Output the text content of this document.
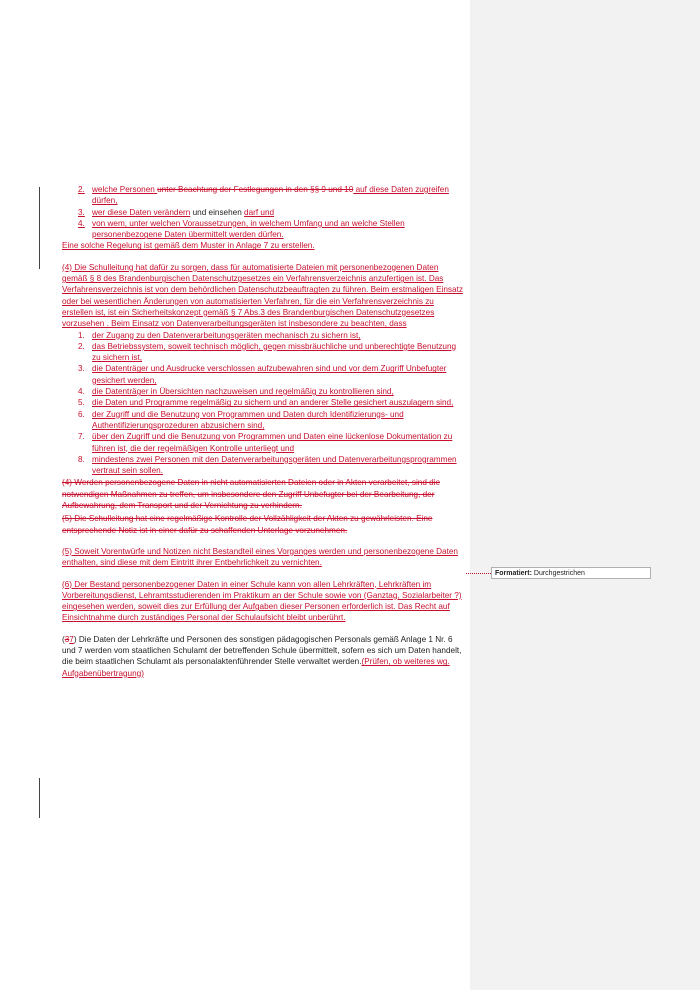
2. welche Personen unter Beachtung der Festlegungen in den §§ 9 und 10 auf diese Daten zugreifen dürfen,
3. wer diese Daten verändern und einsehen darf und
4. von wem, unter welchen Voraussetzungen, in welchem Umfang und an welche Stellen personenbezogene Daten übermittelt werden dürfen.

Eine solche Regelung ist gemäß dem Muster in Anlage 7 zu erstellen.

(4) Die Schulleitung hat dafür zu sorgen, dass für automatisierte Dateien mit personenbezogenen Daten gemäß § 8 des Brandenburgischen Datenschutzgesetzes ein Verfahrensverzeichnis anzufertigen ist. Das Verfahrensverzeichnis ist von dem behördlichen Datenschutzbeauftragten zu führen. Beim erstmaligen Einsatz oder bei wesentlichen Änderungen von automatisierten Verfahren, für die ein Verfahrensverzeichnis zu erstellen ist, ist ein Sicherheitskonzept gemäß § 7 Abs.3 des Brandenburgischen Datenschutzgesetzes vorzusehen . Beim Einsatz von Datenverarbeitungsgeräten ist insbesondere zu beachten, dass

1. der Zugang zu den Datenverarbeitungsgeräten mechanisch zu sichern ist,
2. das Betriebssystem, soweit technisch möglich, gegen missbräuchliche und unberechtigte Benutzung zu sichern ist,
3. die Datenträger und Ausdrucke verschlossen aufzubewahren sind und vor dem Zugriff Unbefugter gesichert werden,
4. die Datenträger in Übersichten nachzuweisen und regelmäßig zu kontrollieren sind,
5. die Daten und Programme regelmäßig zu sichern und an anderer Stelle gesichert auszulagern sind,
6. der Zugriff und die Benutzung von Programmen und Daten durch Identifizierungs- und Authentifizierungsprozeduren abzusichern sind,
7. über den Zugriff und die Benutzung von Programmen und Daten eine lückenlose Dokumentation zu führen ist, die der regelmäßigen Kontrolle unterliegt und
8. mindestens zwei Personen mit den Datenverarbeitungsgeräten und Datenverarbeitungsprogrammen vertraut sein sollen.

(4) Werden personenbezogene Daten in nicht automatisierten Dateien oder in Akten verarbeitet, sind die notwendigen Maßnahmen zu treffen, um insbesondere den Zugriff Unbefugter bei der Bearbeitung, der Aufbewahrung, dem Transport und der Vernichtung zu verhindern.

(5) Die Schulleitung hat eine regelmäßige Kontrolle der Vollzähligkeit der Akten zu gewährleisten. Eine entsprechende Notiz ist in einer dafür zu schaffenden Unterlage vorzunehmen.

(5) Soweit Vorentwürfe und Notizen nicht Bestandteil eines Vorganges werden und personenbezogene Daten enthalten, sind diese mit dem Eintritt ihrer Entbehrlichkeit zu vernichten.

(6) Der Bestand personenbezogener Daten in einer Schule kann von allen Lehrkräften, Lehrkräften im Vorbereitungsdienst, Lehramtsstudierenden im Praktikum an der Schule sowie von (Ganztag, Sozialarbeiter ?) eingesehen werden, soweit dies zur Erfüllung der Aufgaben dieser Personen erforderlich ist. Das Recht auf Einsichtnahme durch zuständiges Personal der Schulaufsicht bleibt unberührt.

(37) Die Daten der Lehrkräfte und Personen des sonstigen pädagogischen Personals gemäß Anlage 1 Nr. 6 und 7 werden vom staatlichen Schulamt der betreffenden Schule übermittelt, sofern es sich um Daten handelt, die beim staatlichen Schulamt als personalaktenführender Stelle verwaltet werden.(Prüfen, ob weiteres wg. Aufgabenübertragung)

Formatiert: Durchgestrichen
